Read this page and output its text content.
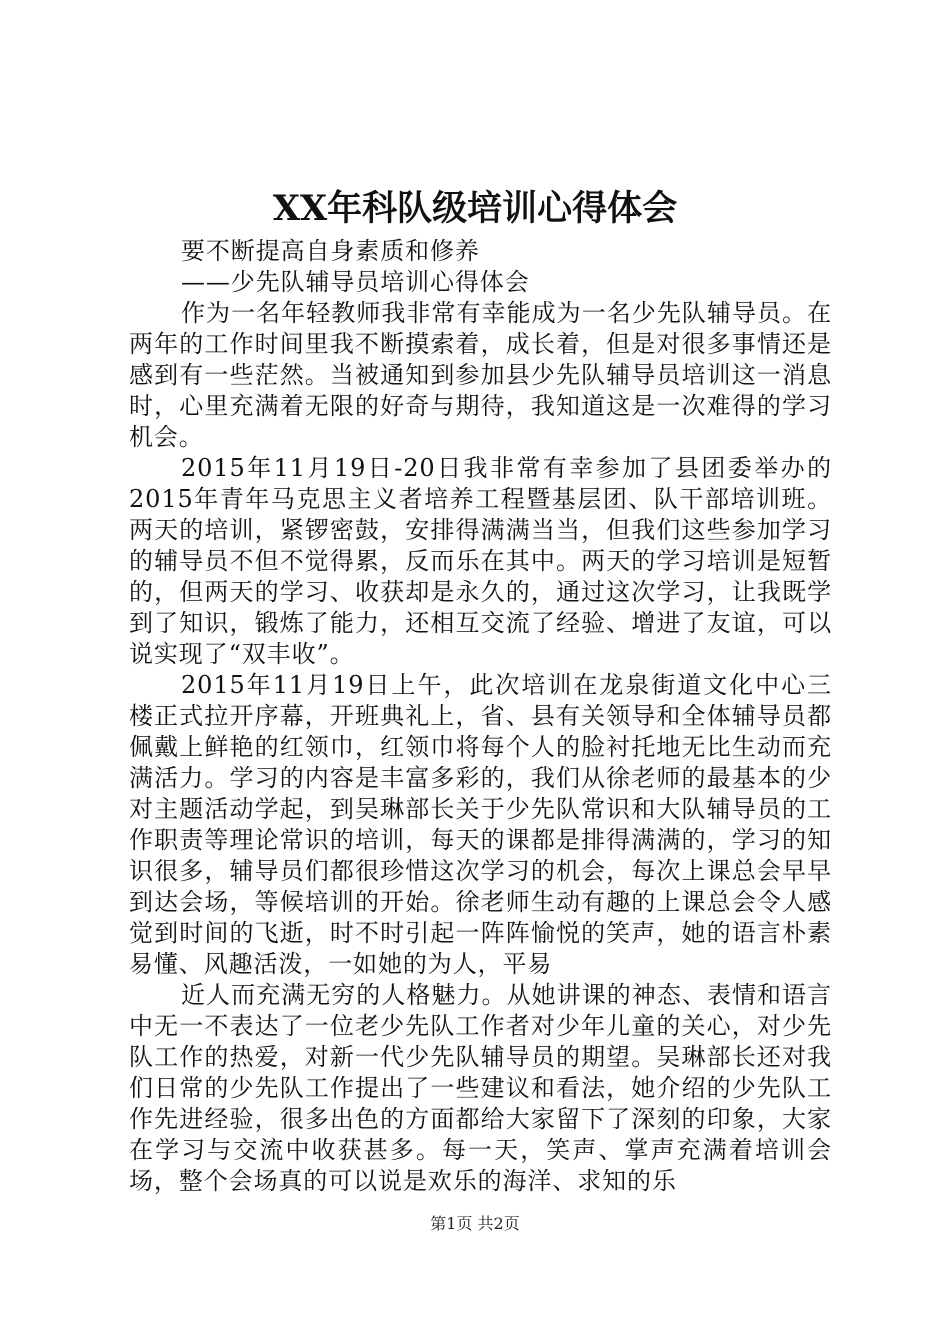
XX年科队级培训心得体会

要不断提高自身素质和修养

——少先队辅导员培训心得体会

作为一名年轻教师我非常有幸能成为一名少先队辅导员。在两年的工作时间里我不断摸索着，成长着，但是对很多事情还是感到有一些茫然。当被通知到参加县少先队辅导员培训这一消息时，心里充满着无限的好奇与期待，我知道这是一次难得的学习机会。

2015年11月19日-20日我非常有幸参加了县团委举办的2015年青年马克思主义者培养工程暨基层团、队干部培训班。两天的培训，紧锣密鼓，安排得满满当当，但我们这些参加学习的辅导员不但不觉得累，反而乐在其中。两天的学习培训是短暂的，但两天的学习、收获却是永久的，通过这次学习，让我既学到了知识，锻炼了能力，还相互交流了经验、增进了友谊，可以说实现了“双丰收”。

2015年11月19日上午，此次培训在龙泉街道文化中心三楼正式拉开序幕，开班典礼上，省、县有关领导和全体辅导员都佩戴上鲜艳的红领巾，红领巾将每个人的脸衬托地无比生动而充满活力。学习的内容是丰富多彩的，我们从徐老师的最基本的少对主题活动学起，到吴琳部长关于少先队常识和大队辅导员的工作职责等理论常识的培训，每天的课都是排得满满的，学习的知识很多，辅导员们都很珍惜这次学习的机会，每次上课总会早早到达会场，等候培训的开始。徐老师生动有趣的上课总会令人感觉到时间的飞逝，时不时引起一阵阵愉悦的笑声，她的语言朴素易懂、风趣活泼，一如她的为人，平易

近人而充满无穷的人格魅力。从她讲课的神态、表情和语言中无一不表达了一位老少先队工作者对少年儿童的关心，对少先队工作的热爱，对新一代少先队辅导员的期望。吴琳部长还对我们日常的少先队工作提出了一些建议和看法，她介绍的少先队工作先进经验，很多出色的方面都给大家留下了深刻的印象，大家在学习与交流中收获甚多。每一天，笑声、掌声充满着培训会场，整个会场真的可以说是欢乐的海洋、求知的乐

第1页 共2页
